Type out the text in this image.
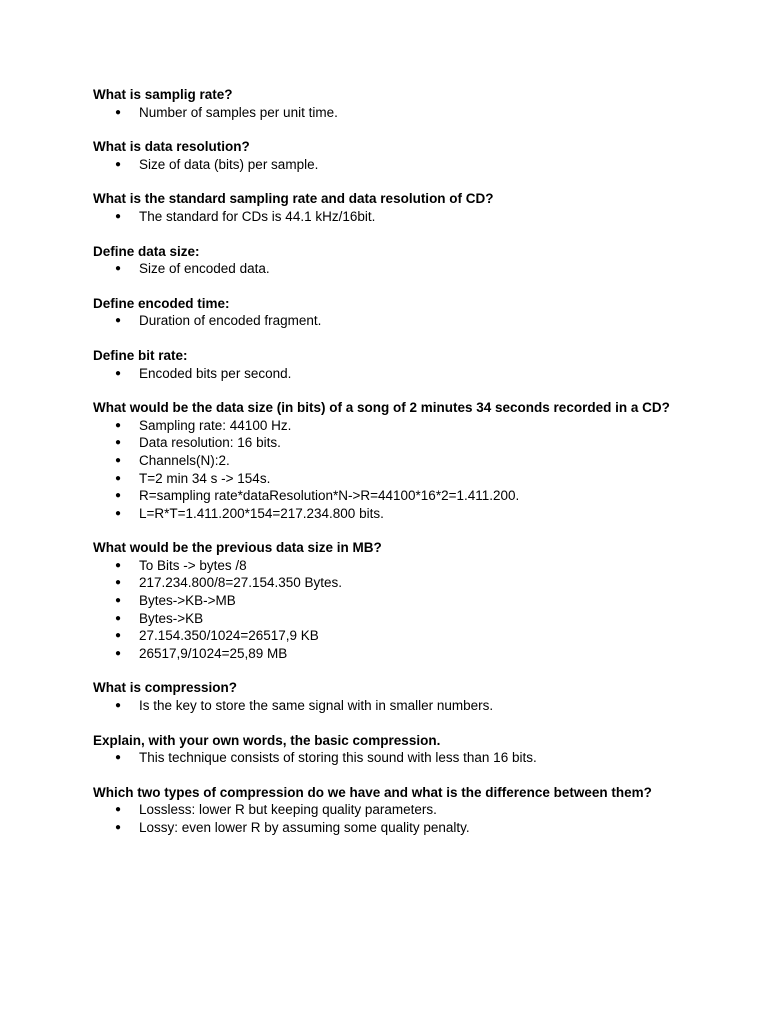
What is samplig rate?

● Number of samples per unit time.

What is data resolution?

● Size of data (bits) per sample.

What is the standard sampling rate and data resolution of CD?

● The standard for CDs is 44.1 kHz/16bit.

Define data size:

● Size of encoded data.

Define encoded time:

● Duration of encoded fragment.

Define bit rate:

● Encoded bits per second.

What would be the data size (in bits) of a song of 2 minutes 34 seconds recorded in a CD?

● Sampling rate: 44100 Hz.
● Data resolution: 16 bits.
● Channels(N):2.
● T=2 min 34 s -> 154s.
● R=sampling rate*dataResolution*N->R=44100*16*2=1.411.200.
● L=R*T=1.411.200*154=217.234.800 bits.

What would be the previous data size in MB?

● To Bits -> bytes /8
● 217.234.800/8=27.154.350 Bytes.
● Bytes->KB->MB
● Bytes->KB
● 27.154.350/1024=26517,9 KB
● 26517,9/1024=25,89 MB

What is compression?

● Is the key to store the same signal with in smaller numbers.

Explain, with your own words, the basic compression.

● This technique consists of storing this sound with less than 16 bits.

Which two types of compression do we have and what is the difference between them?

● Lossless: lower R but keeping quality parameters.
● Lossy: even lower R by assuming some quality penalty.
